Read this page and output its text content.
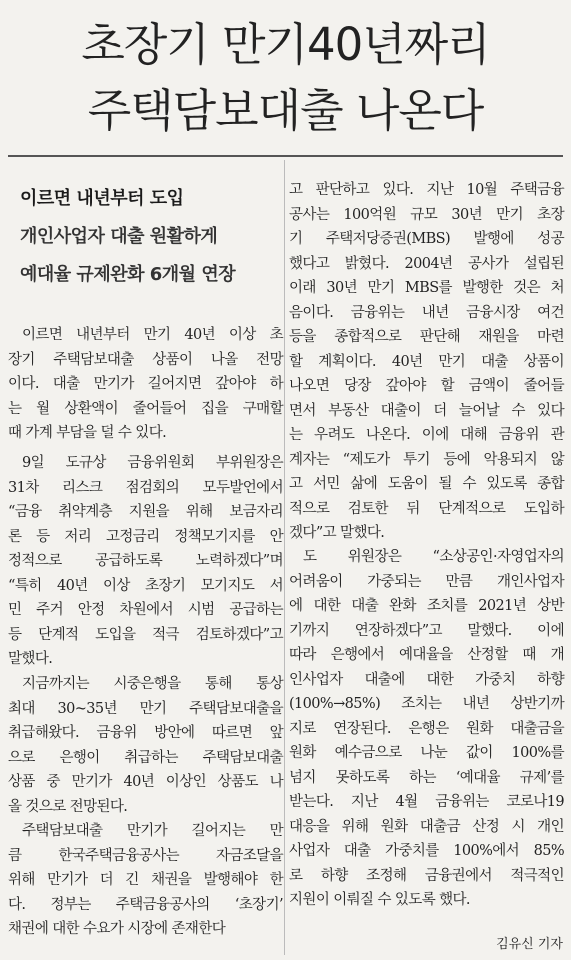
초장기 만기40년짜리
주택담보대출 나온다
이르면 내년부터 도입
개인사업자 대출 원활하게
예대율 규제완화 6개월 연장
이르면 내년부터 만기 40년 이상 초
장기 주택담보대출 상품이 나올 전망
이다. 대출 만기가 길어지면 갚아야 하
는 월 상환액이 줄어들어 집을 구매할
때 가계 부담을 덜 수 있다.
9일 도규상 금융위원회 부위원장은
31차 리스크 점검회의 모두발언에서
“금융 취약계층 지원을 위해 보금자리
론 등 저리 고정금리 정책모기지를 안
정적으로 공급하도록 노력하겠다”며
“특히 40년 이상 초장기 모기지도 서
민 주거 안정 차원에서 시범 공급하는
등 단계적 도입을 적극 검토하겠다”고
말했다.
지금까지는 시중은행을 통해 통상
최대 30~35년 만기 주택담보대출을
취급해왔다. 금융위 방안에 따르면 앞
으로 은행이 취급하는 주택담보대출
상품 중 만기가 40년 이상인 상품도 나
올 것으로 전망된다.
주택담보대출 만기가 길어지는 만
큼 한국주택금융공사는 자금조달을
위해 만기가 더 긴 채권을 발행해야 한
다. 정부는 주택금융공사의 ‘초장기’
채권에 대한 수요가 시장에 존재한다
고 판단하고 있다. 지난 10월 주택금융
공사는 100억원 규모 30년 만기 초장
기 주택저당증권(MBS) 발행에 성공
했다고 밝혔다. 2004년 공사가 설립된
이래 30년 만기 MBS를 발행한 것은 처
음이다. 금융위는 내년 금융시장 여건
등을 종합적으로 판단해 재원을 마련
할 계획이다. 40년 만기 대출 상품이
나오면 당장 갚아야 할 금액이 줄어들
면서 부동산 대출이 더 늘어날 수 있다
는 우려도 나온다. 이에 대해 금융위 관
계자는 “제도가 투기 등에 악용되지 않
고 서민 삶에 도움이 될 수 있도록 종합
적으로 검토한 뒤 단계적으로 도입하
겠다”고 말했다.
도 위원장은 “소상공인·자영업자의
어려움이 가중되는 만큼 개인사업자
에 대한 대출 완화 조치를 2021년 상반
기까지 연장하겠다”고 말했다. 이에
따라 은행에서 예대율을 산정할 때 개
인사업자 대출에 대한 가중치 하향
(100%→85%) 조치는 내년 상반기까
지로 연장된다. 은행은 원화 대출금을
원화 예수금으로 나눈 값이 100%를
넘지 못하도록 하는 ‘예대율 규제’를
받는다. 지난 4월 금융위는 코로나19
대응을 위해 원화 대출금 산정 시 개인
사업자 대출 가중치를 100%에서 85%
로 하향 조정해 금융권에서 적극적인
지원이 이뤄질 수 있도록 했다.
김유신 기자
